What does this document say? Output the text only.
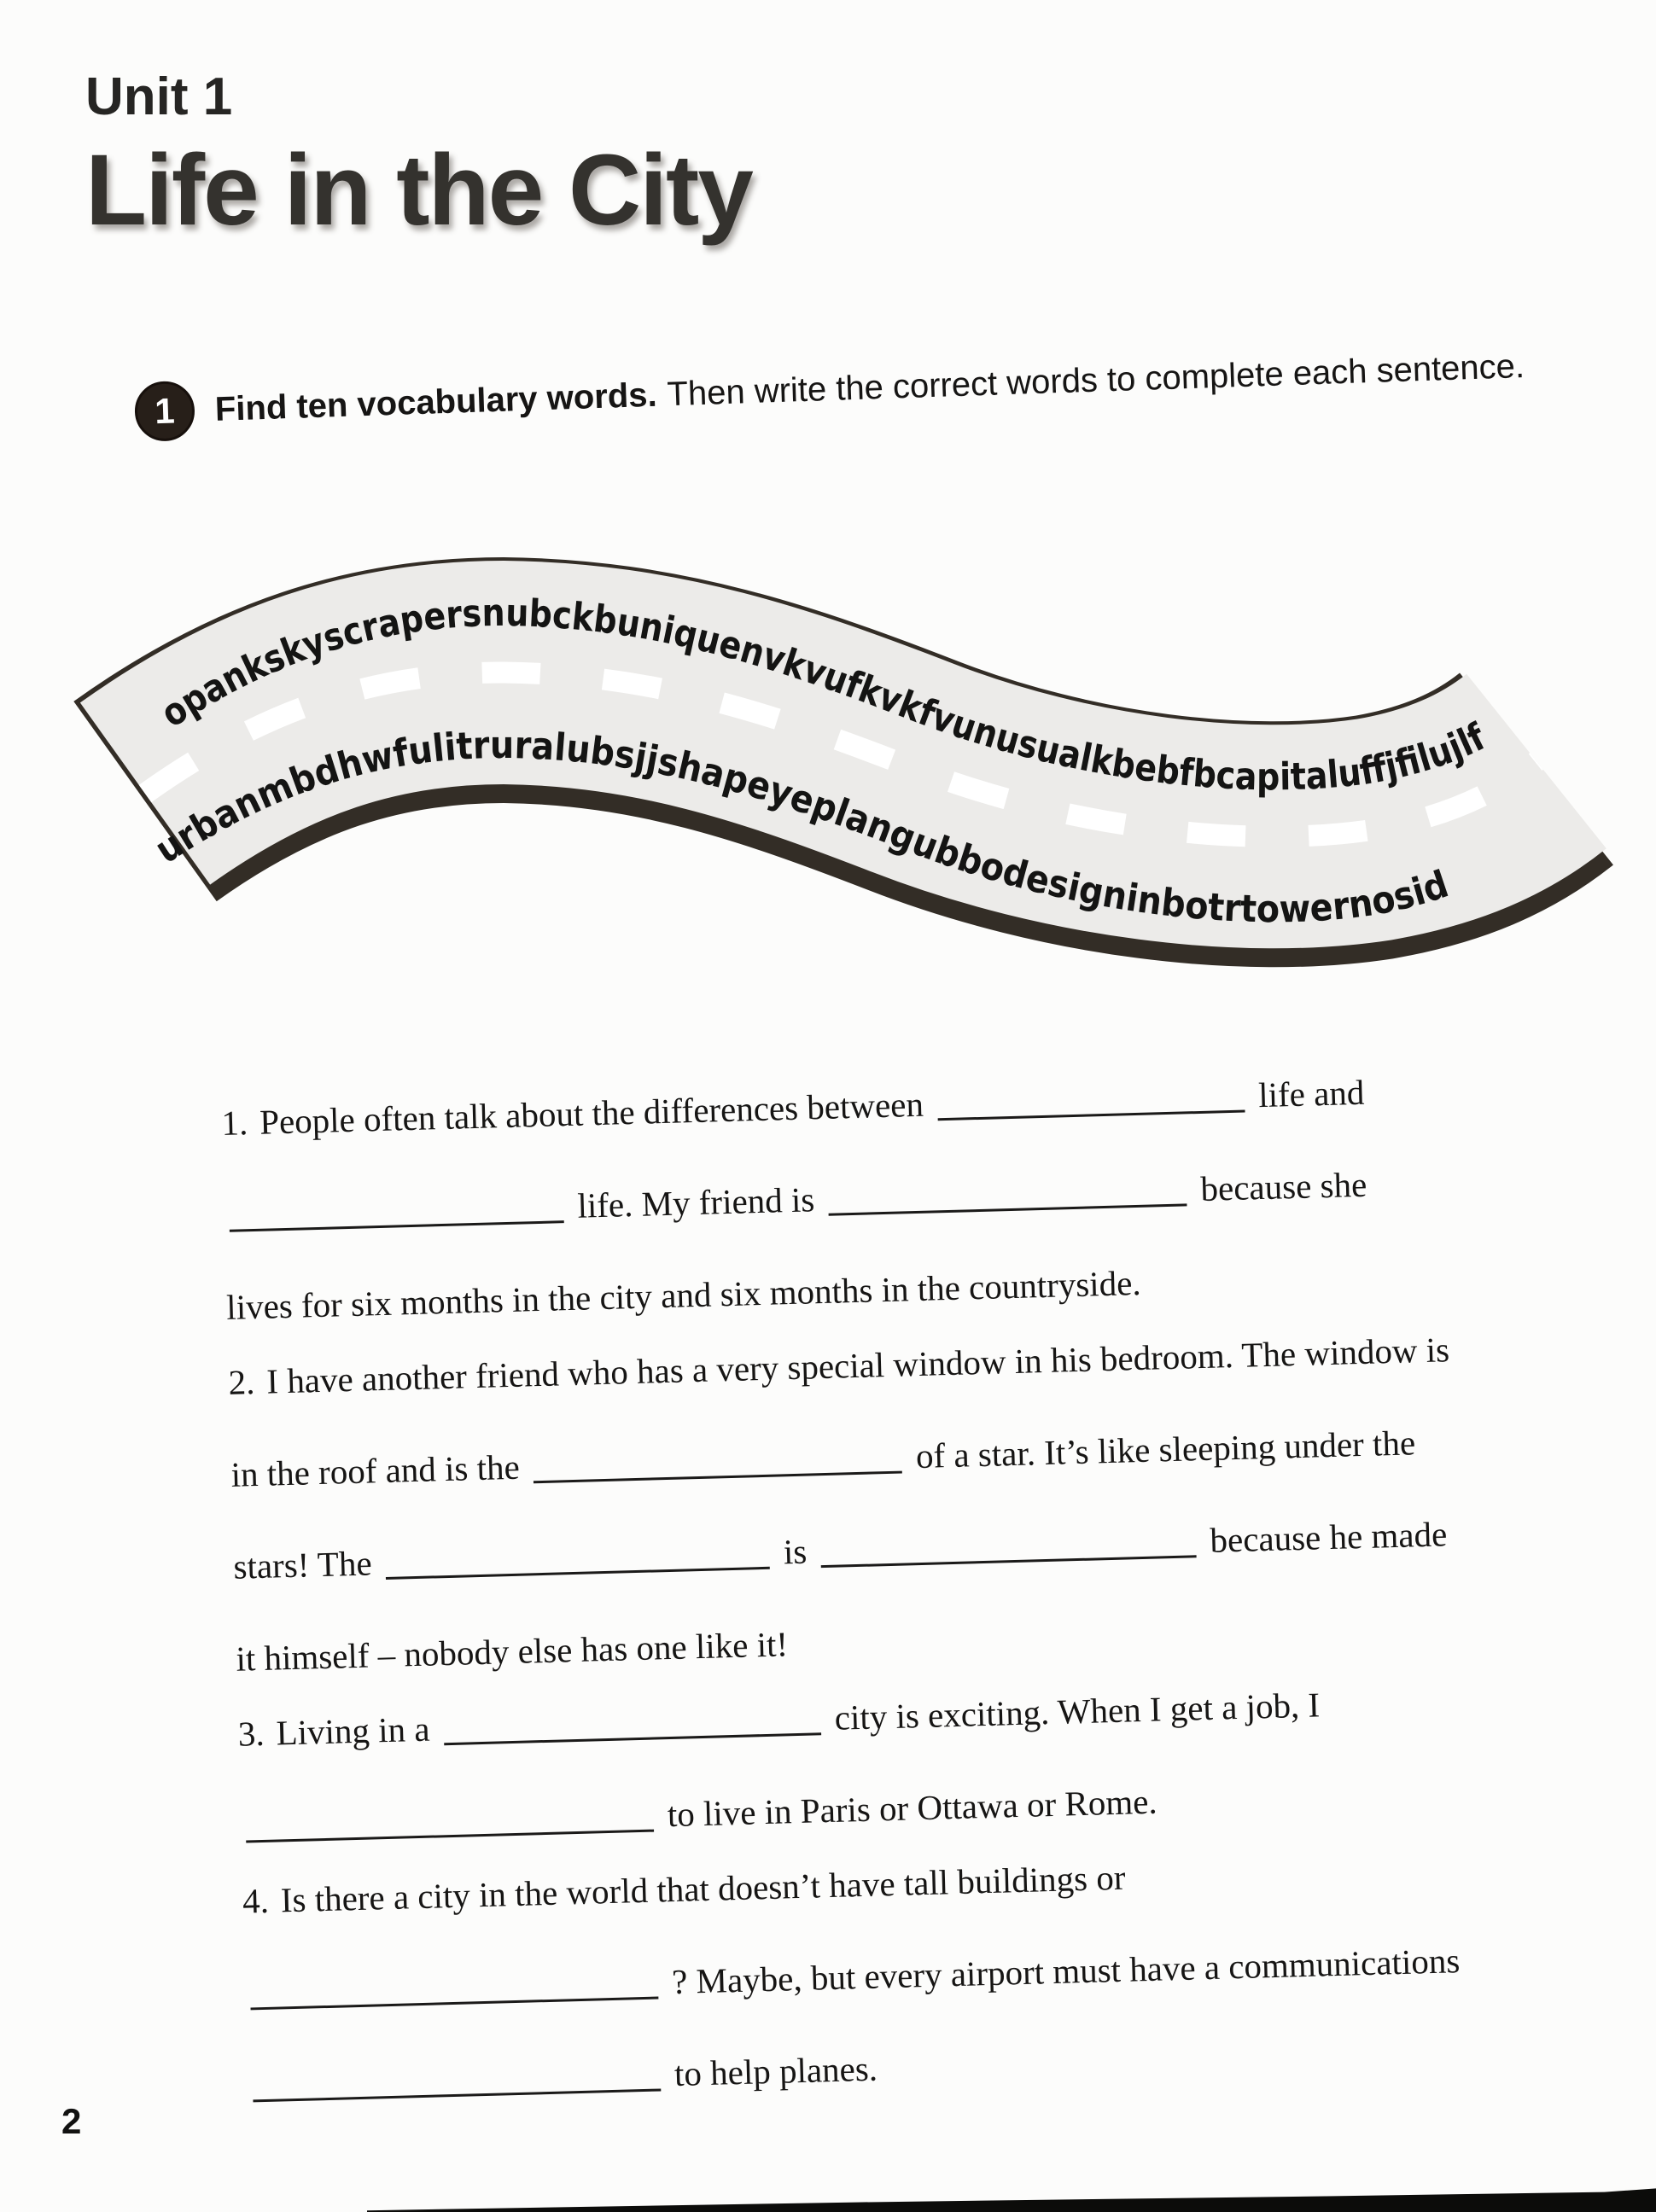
Unit 1
Life in the City
1	Find ten vocabulary words. Then write the correct words to complete each sentence.
opankskyscrapersnubckbuniquenvkvufkvkfvunusualkbebfbcapitaluffjfilujlf
urbanmbdhwfulitruralubsjjshapeyeplangubbodesigninbotrtowernosid
1. People often talk about the differences between	life and
life. My friend is	because she
lives for six months in the city and six months in the countryside.
2. I have another friend who has a very special window in his bedroom. The window is
in the roof and is the	of a star. It’s like sleeping under the
stars! The	is	because he made
it himself – nobody else has one like it!
3. Living in a	city is exciting. When I get a job, I
to live in Paris or Ottawa or Rome.
4. Is there a city in the world that doesn’t have tall buildings or
? Maybe, but every airport must have a communications
to help planes.
2
